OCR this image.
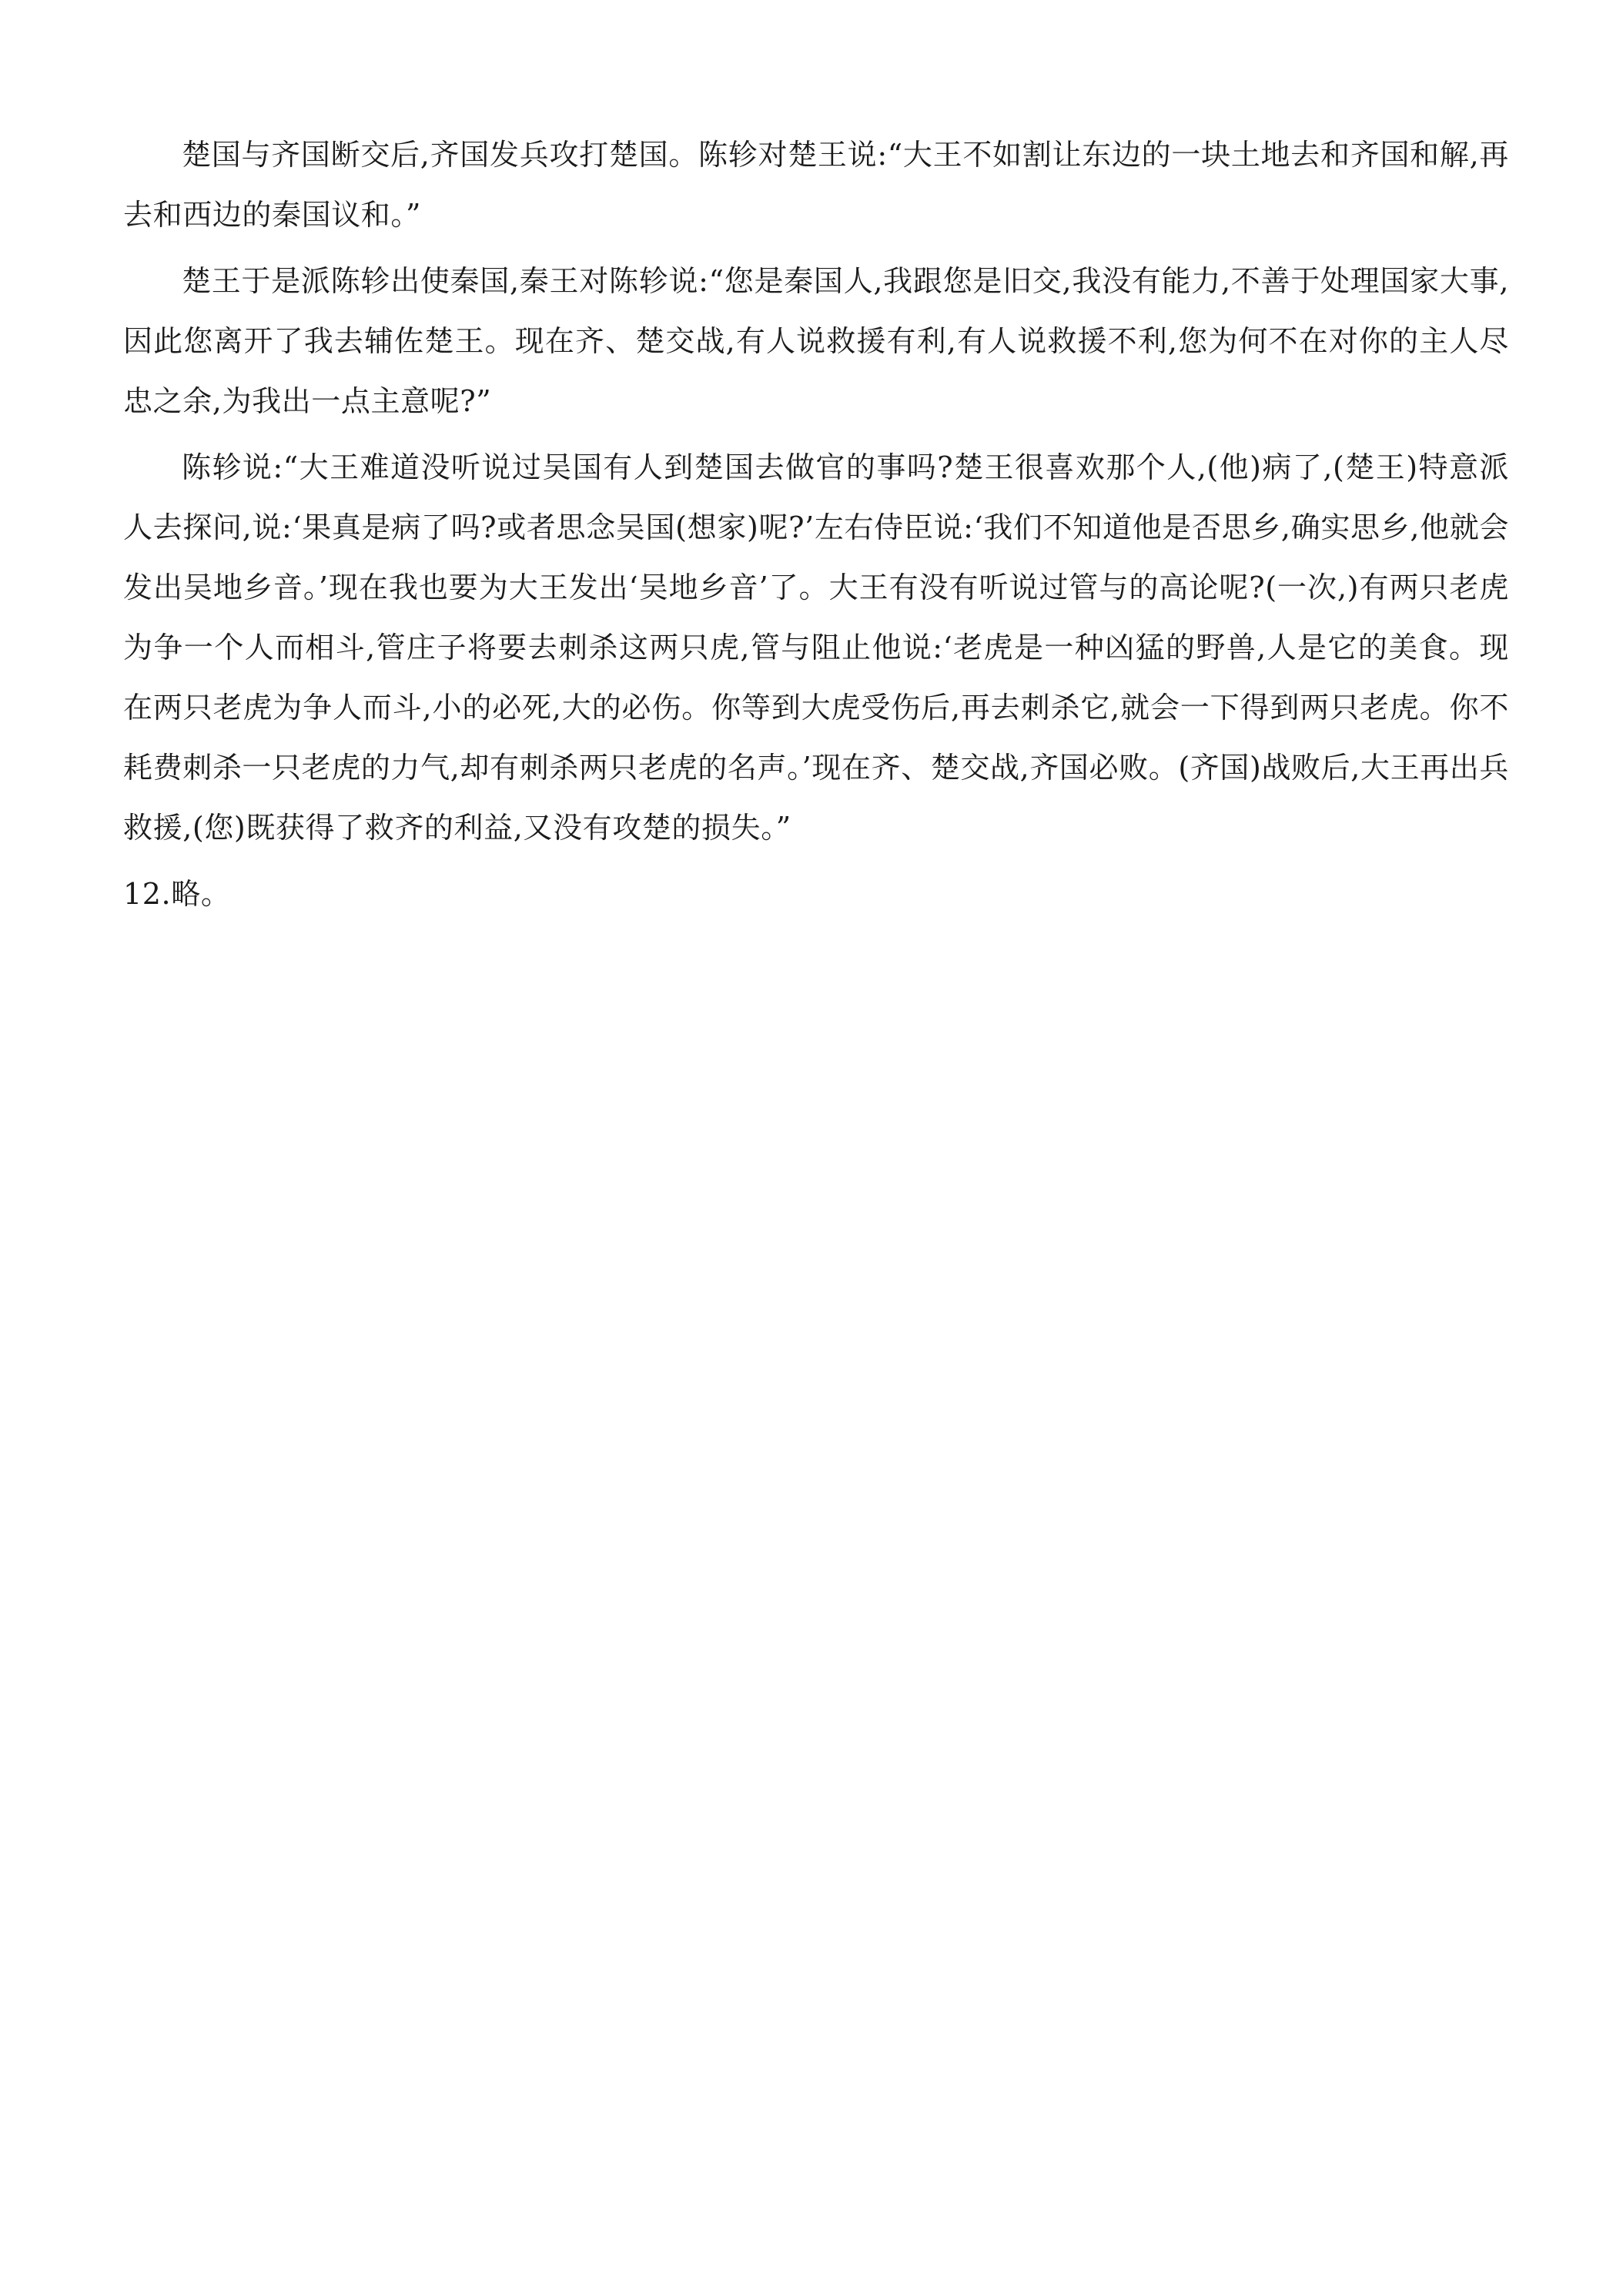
楚国与齐国断交后,齐国发兵攻打楚国。陈轸对楚王说:“大王不如割让东边的一块土地去和齐国和解,再去和西边的秦国议和。”

楚王于是派陈轸出使秦国,秦王对陈轸说:“您是秦国人,我跟您是旧交,我没有能力,不善于处理国家大事,因此您离开了我去辅佐楚王。现在齐、楚交战,有人说救援有利,有人说救援不利,您为何不在对你的主人尽忠之余,为我出一点主意呢?”

陈轸说:“大王难道没听说过吴国有人到楚国去做官的事吗?楚王很喜欢那个人,(他)病了,(楚王)特意派人去探问,说:‘果真是病了吗?或者思念吴国(想家)呢?’左右侍臣说:‘我们不知道他是否思乡,确实思乡,他就会发出吴地乡音。’现在我也要为大王发出‘吴地乡音’了。大王有没有听说过管与的高论呢?(一次,)有两只老虎为争一个人而相斗,管庄子将要去刺杀这两只虎,管与阻止他说:‘老虎是一种凶猛的野兽,人是它的美食。现在两只老虎为争人而斗,小的必死,大的必伤。你等到大虎受伤后,再去刺杀它,就会一下得到两只老虎。你不耗费刺杀一只老虎的力气,却有刺杀两只老虎的名声。’现在齐、楚交战,齐国必败。(齐国)战败后,大王再出兵救援,(您)既获得了救齐的利益,又没有攻楚的损失。”

12.略。
